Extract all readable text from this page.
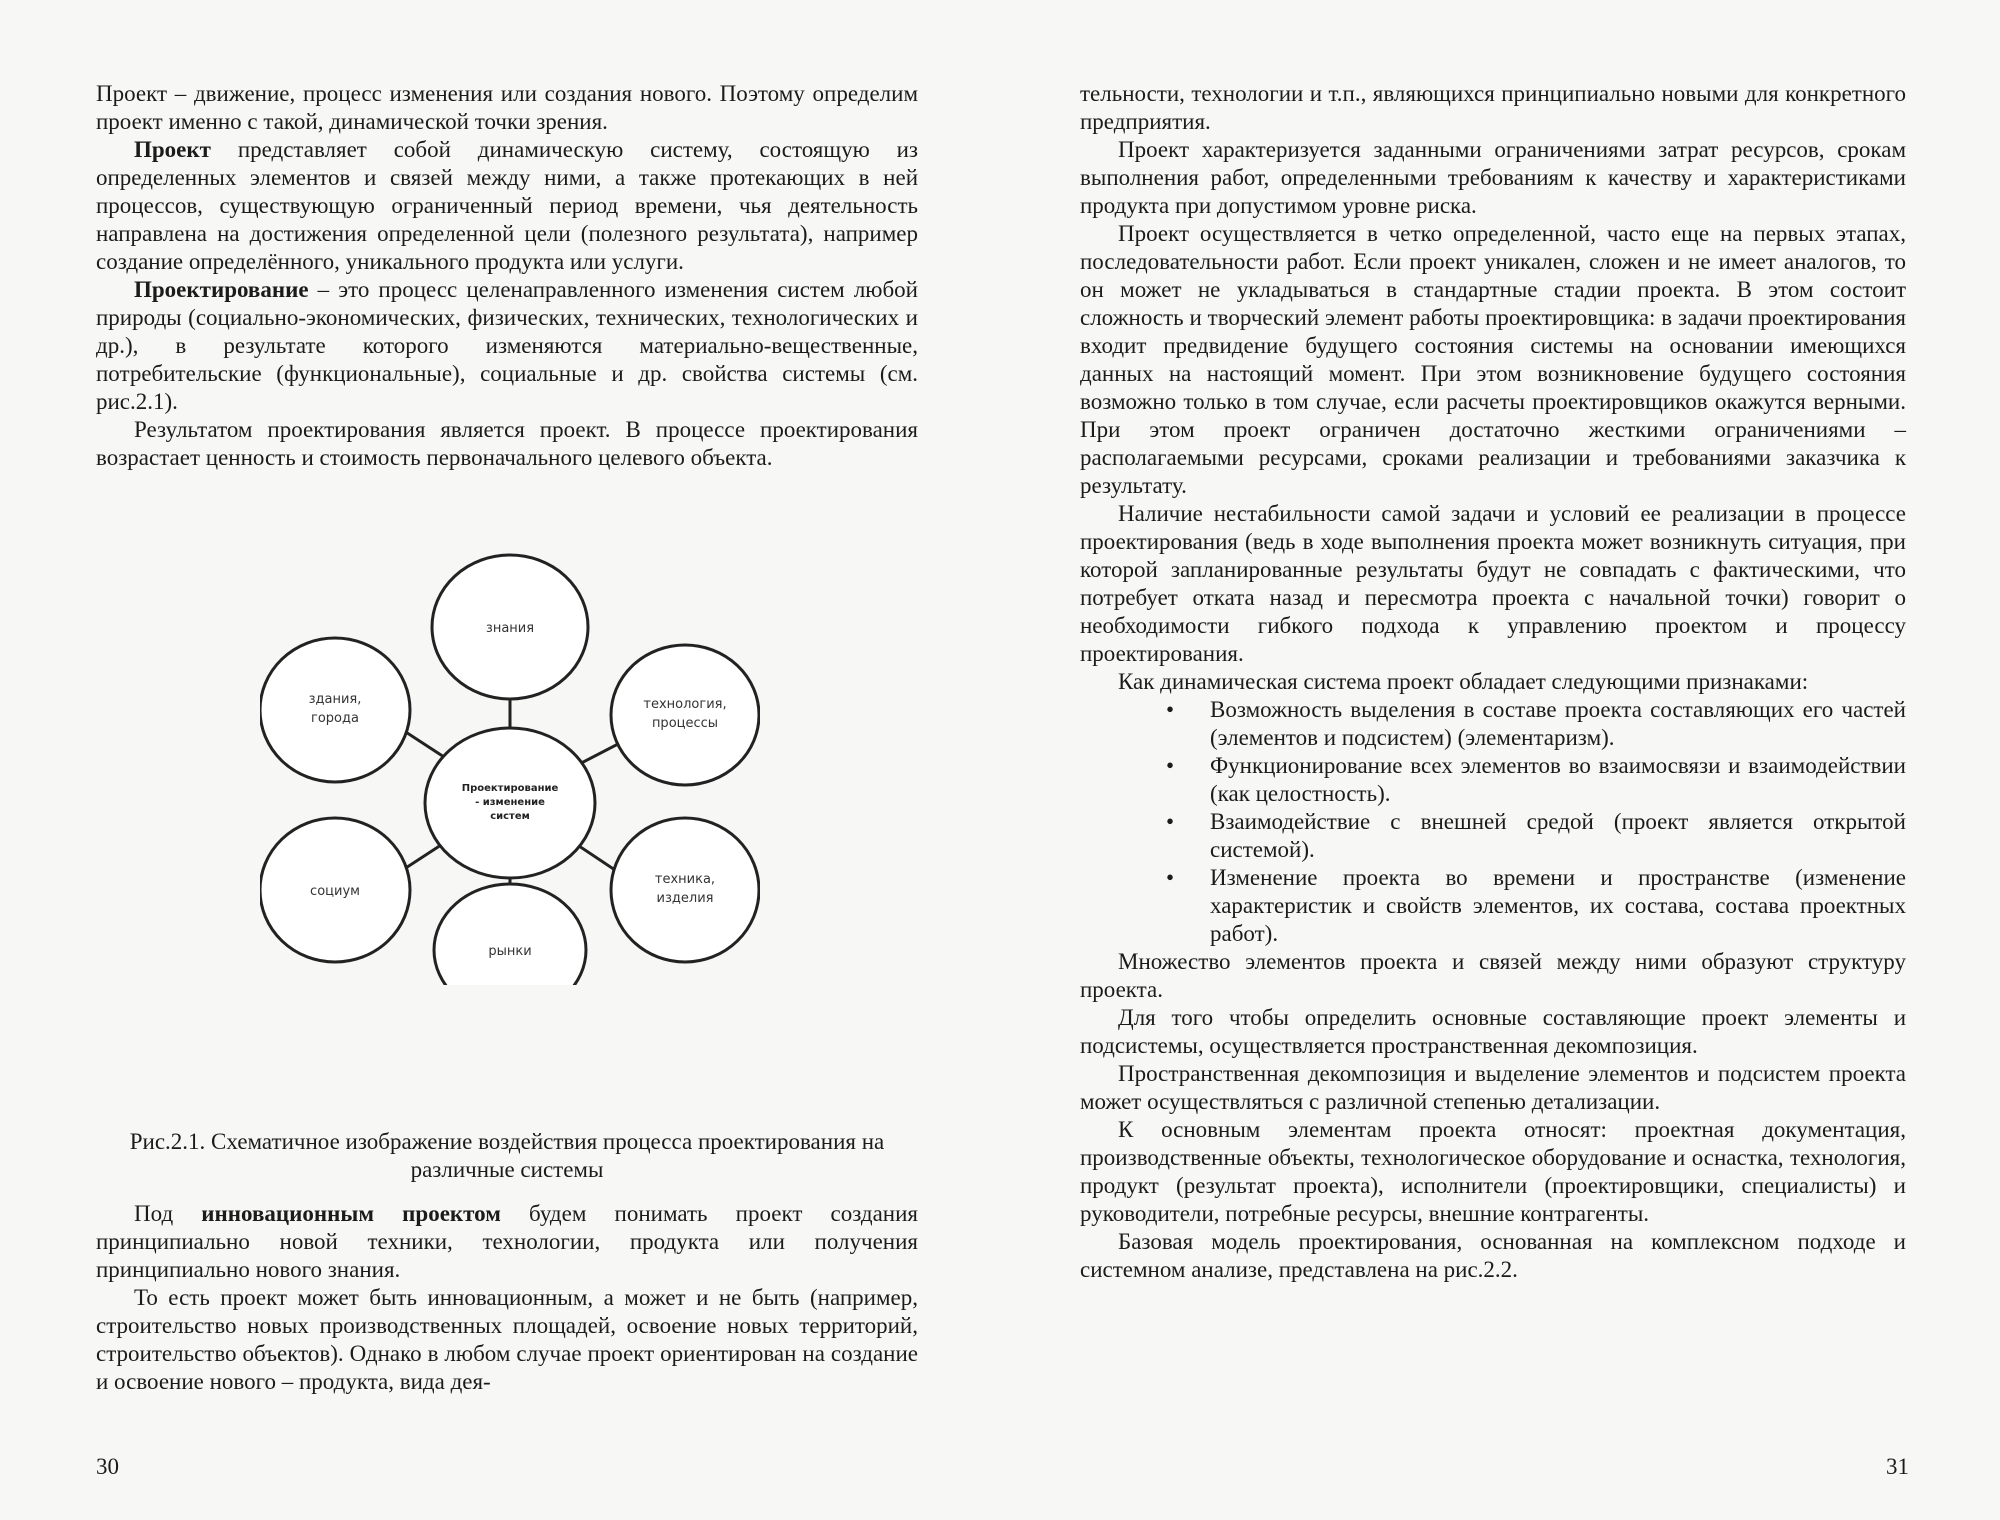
Проект – движение, процесс изменения или создания нового. Поэтому определим проект именно с такой, динамической точки зрения.

Проект представляет собой динамическую систему, состоящую из определенных элементов и связей между ними, а также протекающих в ней процессов, существующую ограниченный период времени, чья деятельность направлена на достижения определенной цели (полезного результата), например создание определённого, уникального продукта или услуги.

Проектирование – это процесс целенаправленного изменения систем любой природы (социально-экономических, физических, технических, технологических и др.), в результате которого изменяются материально-вещественные, потребительские (функциональные), социальные и др. свойства системы (см. рис.2.1).

Результатом проектирования является проект. В процессе проектирования возрастает ценность и стоимость первоначального целевого объекта.

знания
технология,
процессы
техника,
изделия
рынки
социум
здания,
города
Проектирование
- изменение
систем
Рис.2.1. Схематичное изображение воздействия процесса проектирования на различные системы

Под инновационным проектом будем понимать проект создания принципиально новой техники, технологии, продукта или получения принципиально нового знания.

То есть проект может быть инновационным, а может и не быть (например, строительство новых производственных площадей, освоение новых территорий, строительство объектов). Однако в любом случае проект ориентирован на создание и освоение нового – продукта, вида дея-

30

тельности, технологии и т.п., являющихся принципиально новыми для конкретного предприятия.

Проект характеризуется заданными ограничениями затрат ресурсов, срокам выполнения работ, определенными требованиям к качеству и характеристиками продукта при допустимом уровне риска.

Проект осуществляется в четко определенной, часто еще на первых этапах, последовательности работ. Если проект уникален, сложен и не имеет аналогов, то он может не укладываться в стандартные стадии проекта. В этом состоит сложность и творческий элемент работы проектировщика: в задачи проектирования входит предвидение будущего состояния системы на основании имеющихся данных на настоящий момент. При этом возникновение будущего состояния возможно только в том случае, если расчеты проектировщиков окажутся верными. При этом проект ограничен достаточно жесткими ограничениями – располагаемыми ресурсами, сроками реализации и требованиями заказчика к результату.

Наличие нестабильности самой задачи и условий ее реализации в процессе проектирования (ведь в ходе выполнения проекта может возникнуть ситуация, при которой запланированные результаты будут не совпадать с фактическими, что потребует отката назад и пересмотра проекта с начальной точки) говорит о необходимости гибкого подхода к управлению проектом и процессу проектирования.

Как динамическая система проект обладает следующими признаками:

• Возможность выделения в составе проекта составляющих его частей (элементов и подсистем) (элементаризм).
• Функционирование всех элементов во взаимосвязи и взаимодействии (как целостность).
• Взаимодействие с внешней средой (проект является открытой системой).
• Изменение проекта во времени и пространстве (изменение характеристик и свойств элементов, их состава, состава проектных работ).

Множество элементов проекта и связей между ними образуют структуру проекта.

Для того чтобы определить основные составляющие проект элементы и подсистемы, осуществляется пространственная декомпозиция.

Пространственная декомпозиция и выделение элементов и подсистем проекта может осуществляться с различной степенью детализации.

К основным элементам проекта относят: проектная документация, производственные объекты, технологическое оборудование и оснастка, технология, продукт (результат проекта), исполнители (проектировщики, специалисты) и руководители, потребные ресурсы, внешние контрагенты.

Базовая модель проектирования, основанная на комплексном подходе и системном анализе, представлена на рис.2.2.

31
